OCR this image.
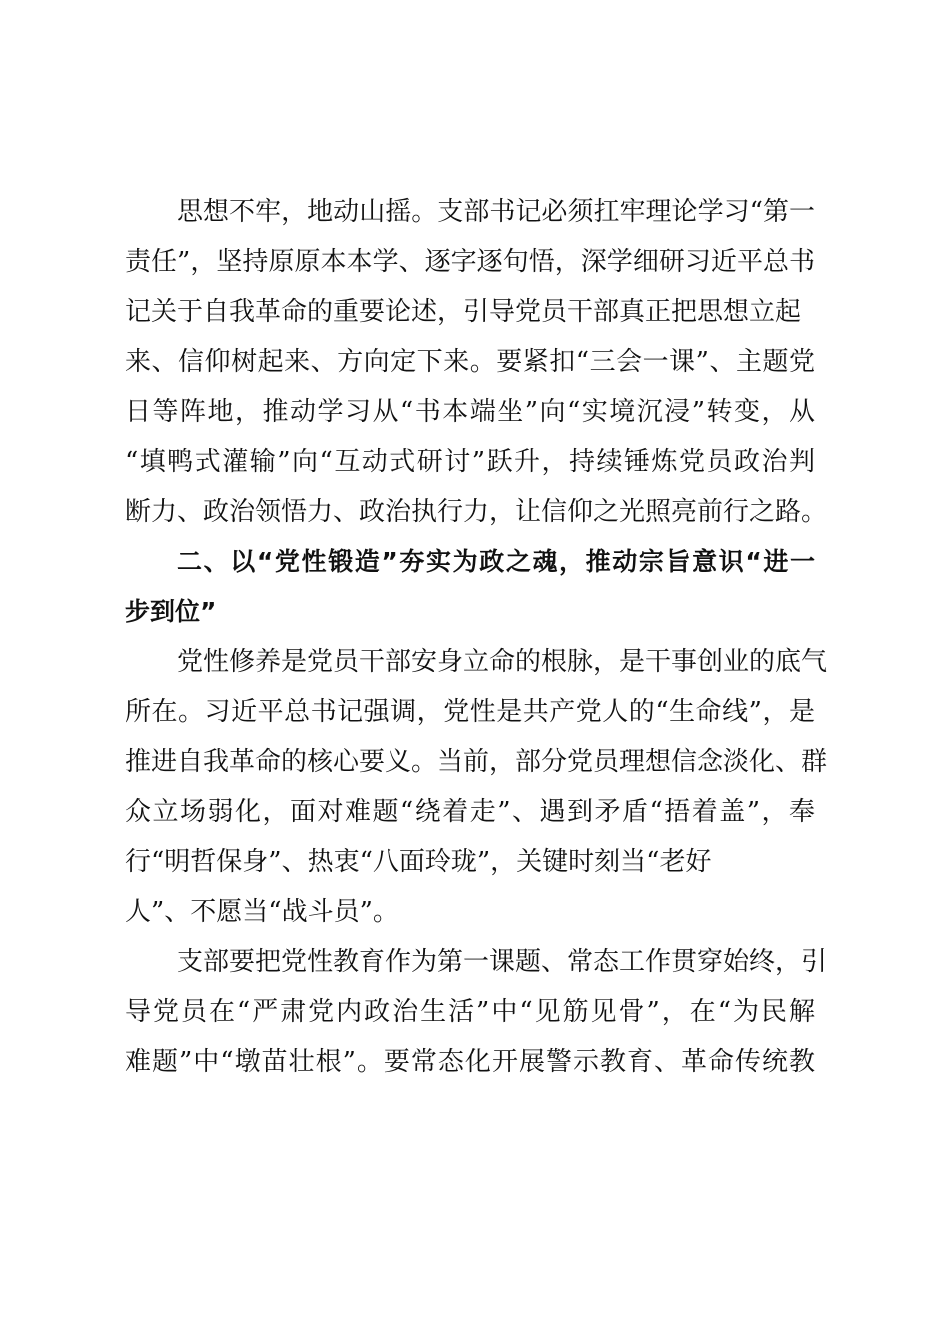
思想不牢，地动山摇。支部书记必须扛牢理论学习“第一
责任”，坚持原原本本学、逐字逐句悟，深学细研习近平总书
记关于自我革命的重要论述，引导党员干部真正把思想立起
来、信仰树起来、方向定下来。要紧扣“三会一课”、主题党
日等阵地，推动学习从“书本端坐”向“实境沉浸”转变，从
“填鸭式灌输”向“互动式研讨”跃升，持续锤炼党员政治判
断力、政治领悟力、政治执行力，让信仰之光照亮前行之路。
二、以“党性锻造”夯实为政之魂，推动宗旨意识“进一
步到位”
党性修养是党员干部安身立命的根脉，是干事创业的底气
所在。习近平总书记强调，党性是共产党人的“生命线”，是
推进自我革命的核心要义。当前，部分党员理想信念淡化、群
众立场弱化，面对难题“绕着走”、遇到矛盾“捂着盖”，奉
行“明哲保身”、热衷“八面玲珑”，关键时刻当“老好
人”、不愿当“战斗员”。
支部要把党性教育作为第一课题、常态工作贯穿始终，引
导党员在“严肃党内政治生活”中“见筋见骨”，在“为民解
难题”中“墩苗壮根”。要常态化开展警示教育、革命传统教
